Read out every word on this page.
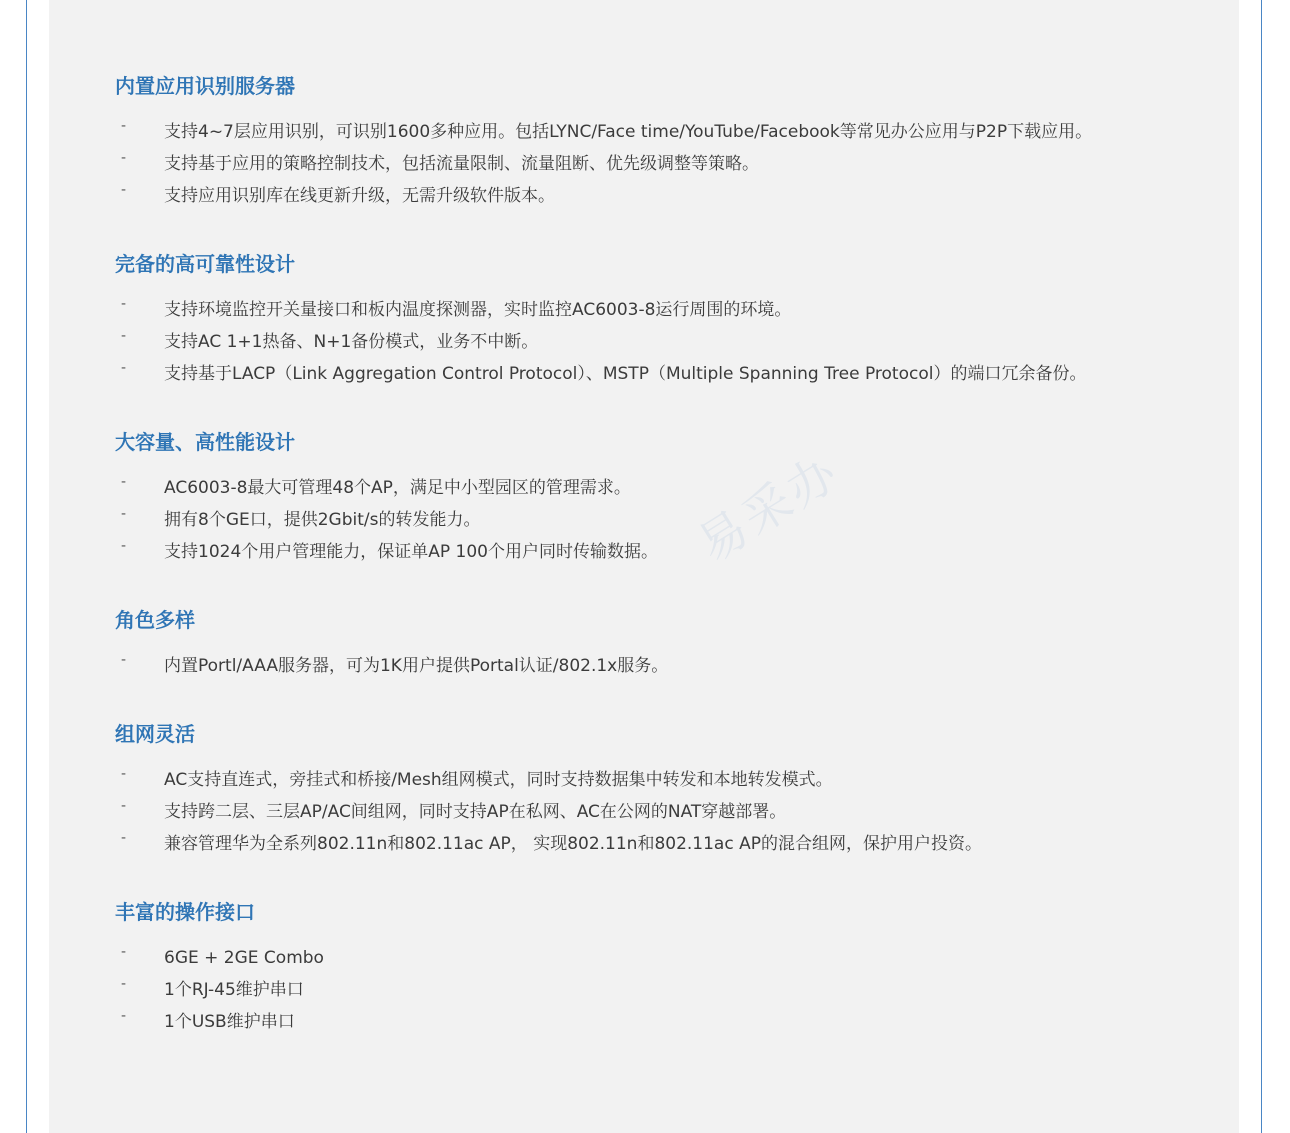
内置应用识别服务器
- 支持4~7层应用识别，可识别1600多种应用。包括LYNC/Face time/YouTube/Facebook等常见办公应用与P2P下载应用。
- 支持基于应用的策略控制技术，包括流量限制、流量阻断、优先级调整等策略。
- 支持应用识别库在线更新升级，无需升级软件版本。
完备的高可靠性设计
- 支持环境监控开关量接口和板内温度探测器，实时监控AC6003-8运行周围的环境。
- 支持AC 1+1热备、N+1备份模式，业务不中断。
- 支持基于LACP（Link Aggregation Control Protocol）、MSTP（Multiple Spanning Tree Protocol）的端口冗余备份。
大容量、高性能设计
- AC6003-8最大可管理48个AP，满足中小型园区的管理需求。
- 拥有8个GE口，提供2Gbit/s的转发能力。
- 支持1024个用户管理能力，保证单AP 100个用户同时传输数据。
角色多样
- 内置Portl/AAA服务器，可为1K用户提供Portal认证/802.1x服务。
组网灵活
- AC支持直连式，旁挂式和桥接/Mesh组网模式，同时支持数据集中转发和本地转发模式。
- 支持跨二层、三层AP/AC间组网，同时支持AP在私网、AC在公网的NAT穿越部署。
- 兼容管理华为全系列802.11n和802.11ac AP， 实现802.11n和802.11ac AP的混合组网，保护用户投资。
丰富的操作接口
- 6GE + 2GE Combo
- 1个RJ-45维护串口
- 1个USB维护串口
易采办
